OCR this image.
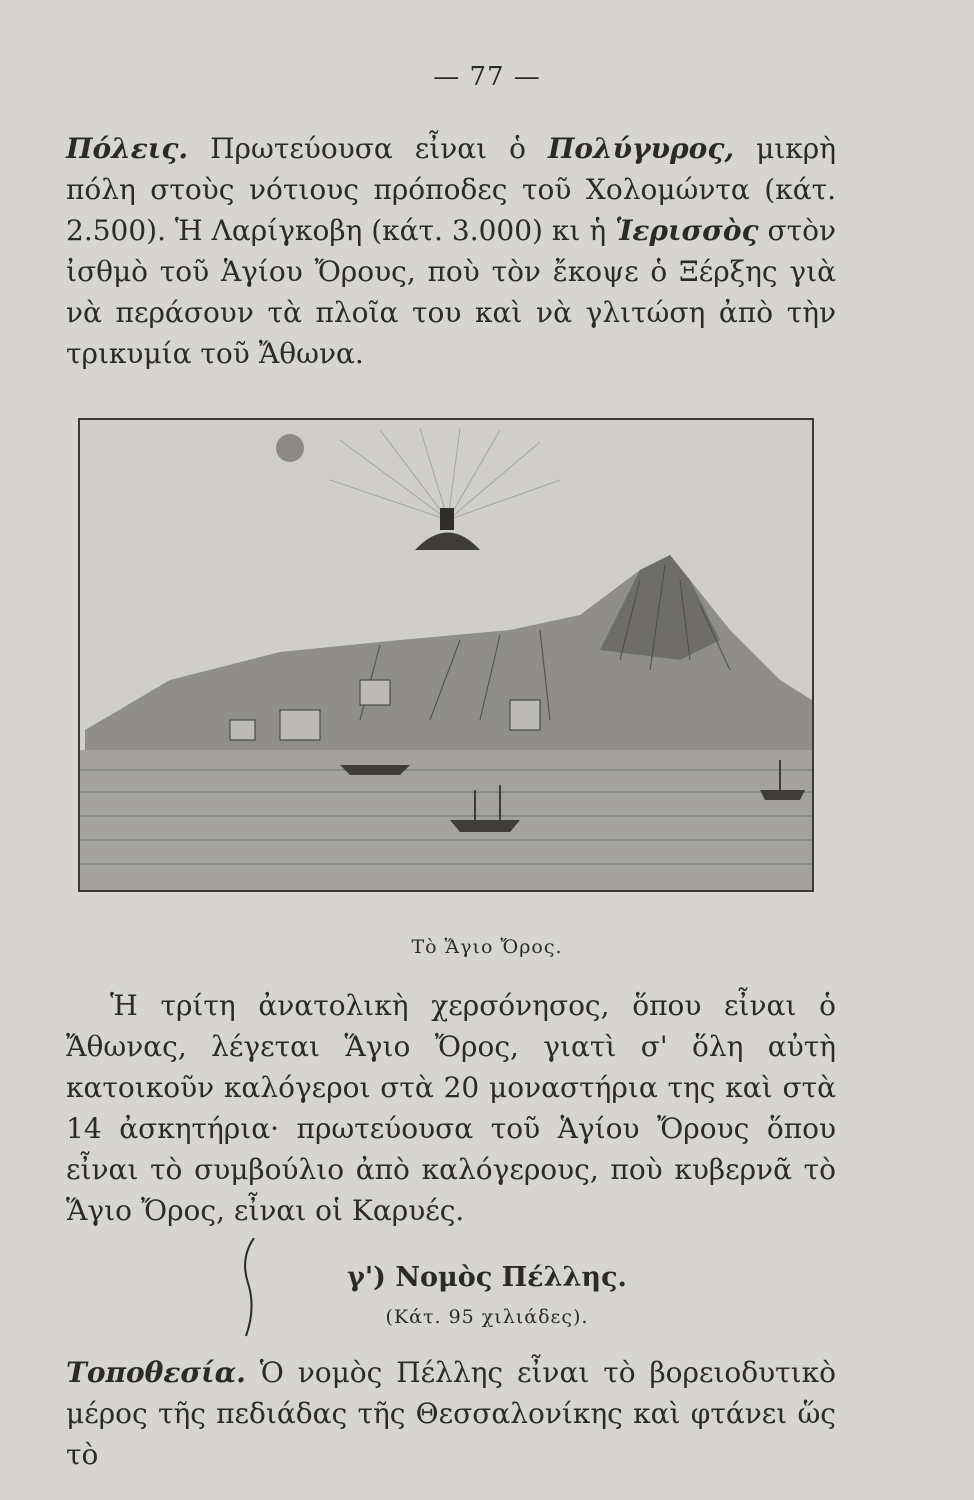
— 77 —
Πόλεις. Πρωτεύουσα εἶναι ὁ Πολύγυρος, μικρὴ πόλη στοὺς νότιους πρόποδες τοῦ Χολομώντα (κάτ. 2.500). Ἡ Λαρίγκοβη (κάτ. 3.000) κι ἡ Ἱερισσὸς στὸν ἰσθμὸ τοῦ Ἁγίου Ὄρους, ποὺ τὸν ἔκοψε ὁ Ξέρξης γιὰ νὰ περάσουν τὰ πλοῖα του καὶ νὰ γλιτώση ἀπὸ τὴν τρικυμία τοῦ Ἄθωνα.
Τὸ Ἅγιο Ὄρος.
Ἡ τρίτη ἀνατολικὴ χερσόνησος, ὅπου εἶναι ὁ Ἄθωνας, λέγεται Ἅγιο Ὄρος, γιατὶ σ' ὅλη αὐτὴ κατοικοῦν καλόγεροι στὰ 20 μοναστήρια της καὶ στὰ 14 ἀσκητήρια· πρωτεύουσα τοῦ Ἁγίου Ὄρους ὅπου εἶναι τὸ συμβούλιο ἀπὸ καλόγερους, ποὺ κυβερνᾶ τὸ Ἅγιο Ὄρος, εἶναι οἱ Καρυές.
γ') Νομὸς Πέλλης.
(Κάτ. 95 χιλιάδες).
Τοποθεσία. Ὁ νομὸς Πέλλης εἶναι τὸ βορειοδυτικὸ μέρος τῆς πεδιάδας τῆς Θεσσαλονίκης καὶ φτάνει ὥς τὸ
